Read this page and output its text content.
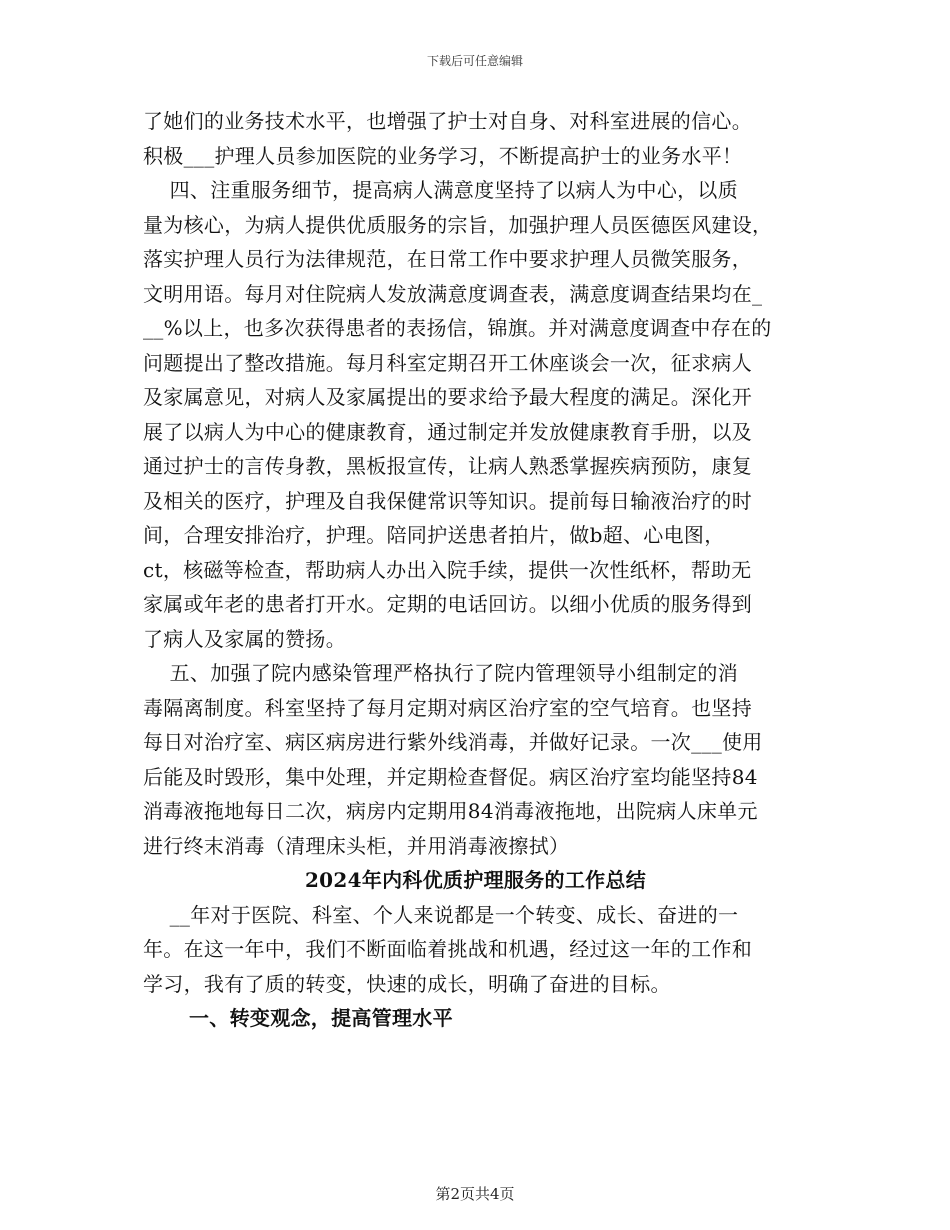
下载后可任意编辑

了她们的业务技术水平，也增强了护士对自身、对科室进展的信心。

积极___护理人员参加医院的业务学习，不断提高护士的业务水平！

四、注重服务细节，提高病人满意度坚持了以病人为中心，以质

量为核心，为病人提供优质服务的宗旨，加强护理人员医德医风建设，

落实护理人员行为法律规范，在日常工作中要求护理人员微笑服务，

文明用语。每月对住院病人发放满意度调查表，满意度调查结果均在_

__%以上，也多次获得患者的表扬信，锦旗。并对满意度调查中存在的

问题提出了整改措施。每月科室定期召开工休座谈会一次，征求病人

及家属意见，对病人及家属提出的要求给予最大程度的满足。深化开

展了以病人为中心的健康教育，通过制定并发放健康教育手册，以及

通过护士的言传身教，黑板报宣传，让病人熟悉掌握疾病预防，康复

及相关的医疗，护理及自我保健常识等知识。提前每日输液治疗的时

间，合理安排治疗，护理。陪同护送患者拍片，做b超、心电图，

ct，核磁等检查，帮助病人办出入院手续，提供一次性纸杯，帮助无

家属或年老的患者打开水。定期的电话回访。以细小优质的服务得到

了病人及家属的赞扬。

五、加强了院内感染管理严格执行了院内管理领导小组制定的消

毒隔离制度。科室坚持了每月定期对病区治疗室的空气培育。也坚持

每日对治疗室、病区病房进行紫外线消毒，并做好记录。一次___使用

后能及时毁形，集中处理，并定期检查督促。病区治疗室均能坚持84

消毒液拖地每日二次，病房内定期用84消毒液拖地，出院病人床单元

进行终末消毒（清理床头柜，并用消毒液擦拭）

2024年内科优质护理服务的工作总结

__年对于医院、科室、个人来说都是一个转变、成长、奋进的一

年。在这一年中，我们不断面临着挑战和机遇，经过这一年的工作和

学习，我有了质的转变，快速的成长，明确了奋进的目标。

一、转变观念，提高管理水平

第2页共4页
